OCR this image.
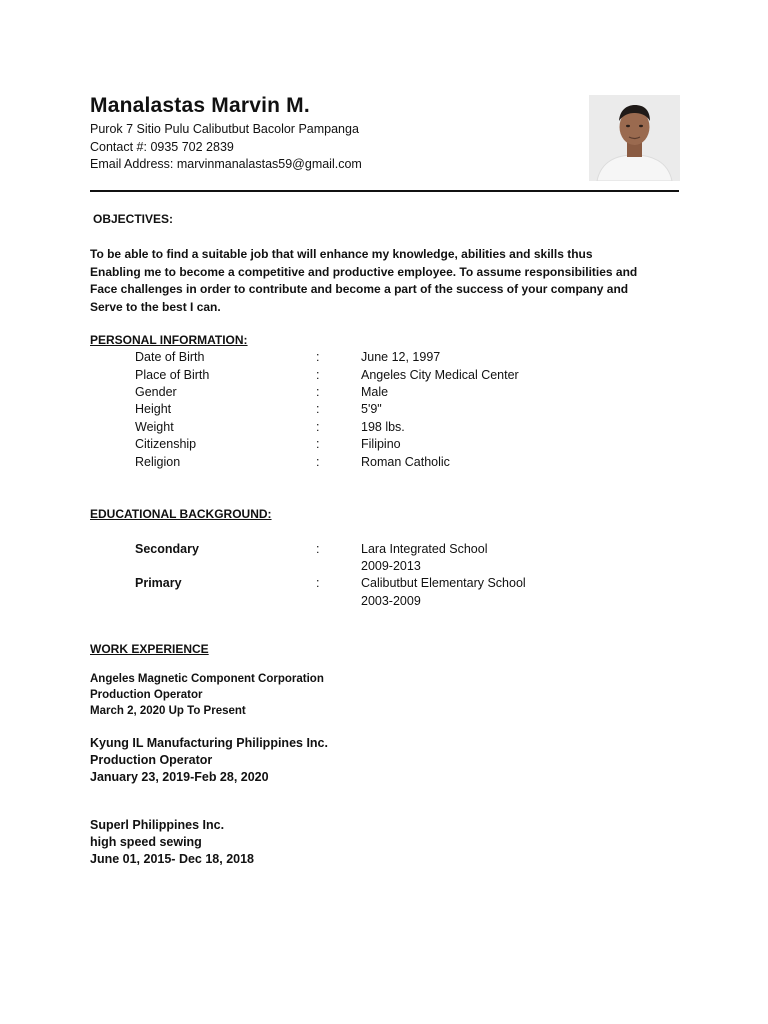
Manalastas Marvin M.
Purok 7 Sitio Pulu Calibutbut Bacolor Pampanga
Contact #: 0935 702 2839
Email Address: marvinmanalastas59@gmail.com
OBJECTIVES:
To be able to find a suitable job that will enhance my knowledge, abilities and skills thus
Enabling me to become a competitive and productive employee. To assume responsibilities and
Face challenges in order to contribute and become a part of the success of your company and
Serve to the best I can.
PERSONAL INFORMATION:
Date of Birth	:	June 12, 1997
Place of Birth	:	Angeles City Medical Center
Gender	:	Male
Height	:	5'9"
Weight	:	198 lbs.
Citizenship	:	Filipino
Religion	:	Roman Catholic
EDUCATIONAL BACKGROUND:
Secondary	:	Lara Integrated School
2009-2013
Primary	:	Calibutbut Elementary School
2003-2009
WORK EXPERIENCE
Angeles Magnetic Component Corporation
Production Operator
March 2, 2020 Up To Present
Kyung IL Manufacturing Philippines Inc.
Production Operator
January 23, 2019-Feb 28, 2020
Superl Philippines Inc.
high speed sewing
June 01, 2015- Dec 18, 2018
